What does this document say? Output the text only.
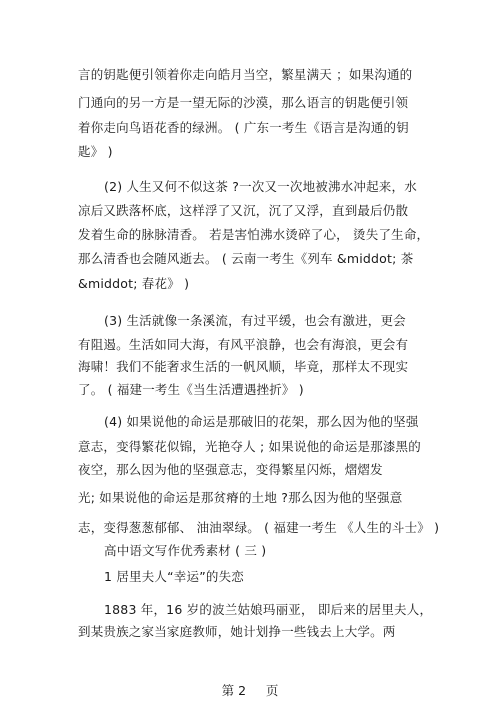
言的钥匙便引领着你走向皓月当空，繁星满天 ；如果沟通的
门通向的另一方是一望无际的沙漠，那么语言的钥匙便引领
着你走向鸟语花香的绿洲。 ( 广东一考生《语言是沟通的钥
匙》 )
(2) 人生又何不似这茶 ?一次又一次地被沸水冲起来，水
凉后又跌落杯底，这样浮了又沉，沉了又浮，直到最后仍散
发着生命的脉脉清香。 若是害怕沸水烫碎了心， 烫失了生命，
那么清香也会随风逝去。 ( 云南一考生《列车 &middot; 茶
&middot; 春花》 )
(3) 生活就像一条溪流，有过平缓，也会有激进，更会
有阻遏。生活如同大海，有风平浪静，也会有海浪，更会有
海啸！我们不能奢求生活的一帆风顺，毕竟，那样太不现实
了。 ( 福建一考生《当生活遭遇挫折》 )
(4) 如果说他的命运是那破旧的花架，那么因为他的坚强
意志，变得繁花似锦，光艳夺人 ; 如果说他的命运是那漆黑的
夜空，那么因为他的坚强意志，变得繁星闪烁，熠熠发
光; 如果说他的命运是那贫瘠的土地 ?那么因为他的坚强意
志，变得葱葱郁郁、 油油翠绿。 ( 福建一考生 《人生的斗士》 )
高中语文写作优秀素材 ( 三 )
1 居里夫人“幸运”的失恋
1883 年，16 岁的波兰姑娘玛丽亚， 即后来的居里夫人，
到某贵族之家当家庭教师，她计划挣一些钱去上大学。两
第 2     页
